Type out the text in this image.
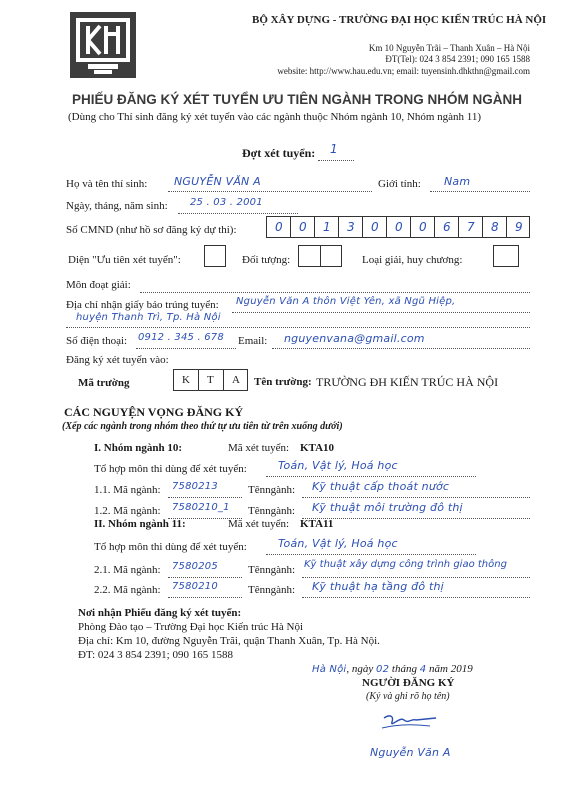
BỘ XÂY DỰNG - TRƯỜNG ĐẠI HỌC KIẾN TRÚC HÀ NỘI
Km 10 Nguyễn Trãi – Thanh Xuân – Hà Nội
ĐT(Tel): 024 3 854 2391; 090 165 1588
website: http://www.hau.edu.vn; email: tuyensinh.dhkthn@gmail.com
PHIẾU ĐĂNG KÝ XÉT TUYỂN ƯU TIÊN NGÀNH TRONG NHÓM NGÀNH
(Dùng cho Thí sinh đăng ký xét tuyển vào các ngành thuộc Nhóm ngành 10, Nhóm ngành 11)
Đợt xét tuyển: 1
Họ và tên thí sinh: NGUYỄN VĂN A	Giới tính: Nam
Ngày, tháng, năm sinh: 25 . 03 . 2001
Số CMND (như hồ sơ đăng ký dự thi):	0 0 1 3 0 0 0 6 7 8 9
Diện "Ưu tiên xét tuyển":	Đối tượng:	Loại giải, huy chương:
Môn đoạt giải:
Địa chỉ nhận giấy báo trúng tuyển: Nguyễn Văn A thôn Việt Yên, xã Ngũ Hiệp,
huyện Thanh Trì, Tp. Hà Nội
Số điện thoại: 0912 . 345 . 678 Email: nguyenvana@gmail.com
Đăng ký xét tuyển vào:
Mã trường	K T A Tên trường: TRƯỜNG ĐH KIẾN TRÚC HÀ NỘI
CÁC NGUYỆN VỌNG ĐĂNG KÝ
(Xếp các ngành trong nhóm theo thứ tự ưu tiên từ trên xuống dưới)
I. Nhóm ngành 10:	Mã xét tuyển: KTA10
Tổ hợp môn thi dùng để xét tuyển:	Toán, Vật lý, Hoá học
1.1. Mã ngành: 7580213	Tênngành: Kỹ thuật cấp thoát nước
1.2. Mã ngành: 7580210_1 Tênngành: Kỹ thuật môi trường đô thị
II. Nhóm ngành 11:	Mã xét tuyển: KTA11
Tổ hợp môn thi dùng để xét tuyển:	Toán, Vật lý, Hoá học
2.1. Mã ngành: 7580205	Tênngành: Kỹ thuật xây dựng công trình giao thông
2.2. Mã ngành: 7580210	Tênngành: Kỹ thuật hạ tầng đô thị
Nơi nhận Phiếu đăng ký xét tuyển:
Phòng Đào tạo – Trường Đại học Kiến trúc Hà Nội
Địa chỉ: Km 10, đường Nguyễn Trãi, quận Thanh Xuân, Tp. Hà Nội.
ĐT: 024 3 854 2391; 090 165 1588
Hà Nội, ngày 02 tháng 4 năm 2019
NGƯỜI ĐĂNG KÝ
(Ký và ghi rõ họ tên)
Nguyễn Văn A
